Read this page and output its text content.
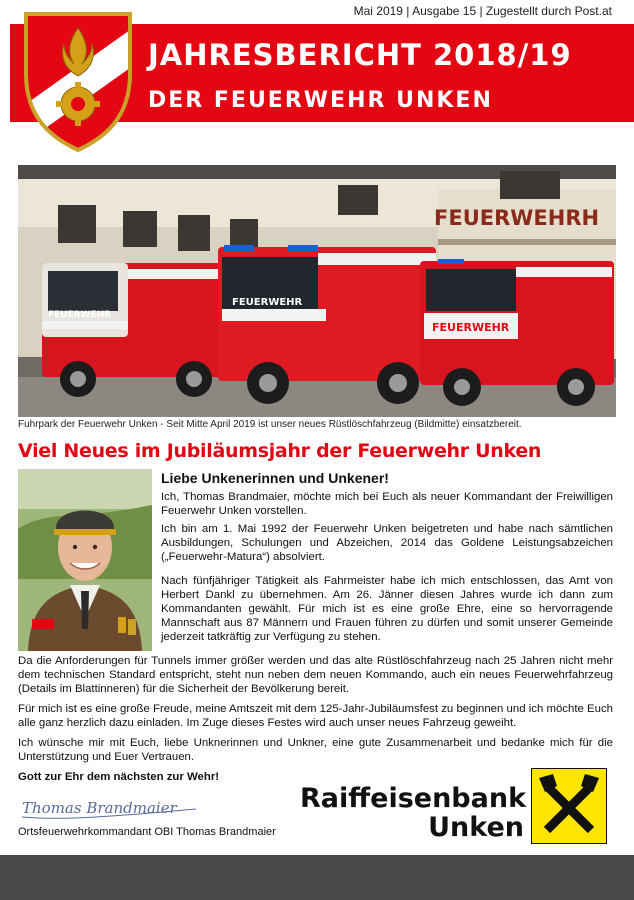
Mai 2019 | Ausgabe 15 | Zugestellt durch Post.at
JAHRESBERICHT 2018/19
DER FEUERWEHR UNKEN
FEUERWEHRH
FEUERWEHR
FEUERWEHR
FEUERWEHR
Fuhrpark der Feuerwehr Unken - Seit Mitte April 2019 ist unser neues Rüstlöschfahrzeug (Bildmitte) einsatzbereit.
Viel Neues im Jubiläumsjahr der Feuerwehr Unken
Liebe Unkenerinnen und Unkener!

Ich, Thomas Brandmaier, möchte mich bei Euch als neuer Kommandant der Freiwilligen Feuerwehr Unken vorstellen.

Ich bin am 1. Mai 1992 der Feuerwehr Unken beigetreten und habe nach sämtlichen Ausbildungen, Schulungen und Abzeichen, 2014 das Goldene Leistungsabzeichen („Feuerwehr-Matura“) absolviert.

Nach fünfjähriger Tätigkeit als Fahrmeister habe ich mich entschlossen, das Amt von Herbert Dankl zu übernehmen. Am 26. Jänner diesen Jahres wurde ich dann zum Kommandanten gewählt. Für mich ist es eine große Ehre, eine so hervorragende Mannschaft aus 87 Männern und Frauen führen zu dürfen und somit unserer Gemeinde jederzeit tatkräftig zur Verfügung zu stehen.

Da die Anforderungen für Tunnels immer größer werden und das alte Rüstlöschfahrzeug nach 25 Jahren nicht mehr dem technischen Standard entspricht, steht nun neben dem neuen Kommando, auch ein neues Feuerwehrfahrzeug (Details im Blattinneren) für die Sicherheit der Bevölkerung bereit.

Für mich ist es eine große Freude, meine Amtszeit mit dem 125-Jahr-Jubiläumsfest zu beginnen und ich möchte Euch alle ganz herzlich dazu einladen. Im Zuge dieses Festes wird auch unser neues Fahrzeug geweiht.

Ich wünsche mir mit Euch, liebe Unknerinnen und Unkner, eine gute Zusammenarbeit und bedanke mich für die Unterstützung und Euer Vertrauen.

Gott zur Ehr dem nächsten zur Wehr!
Thomas Brandmaier
Ortsfeuerwehrkommandant OBI Thomas Brandmaier
Raiffeisenbank
Unken
